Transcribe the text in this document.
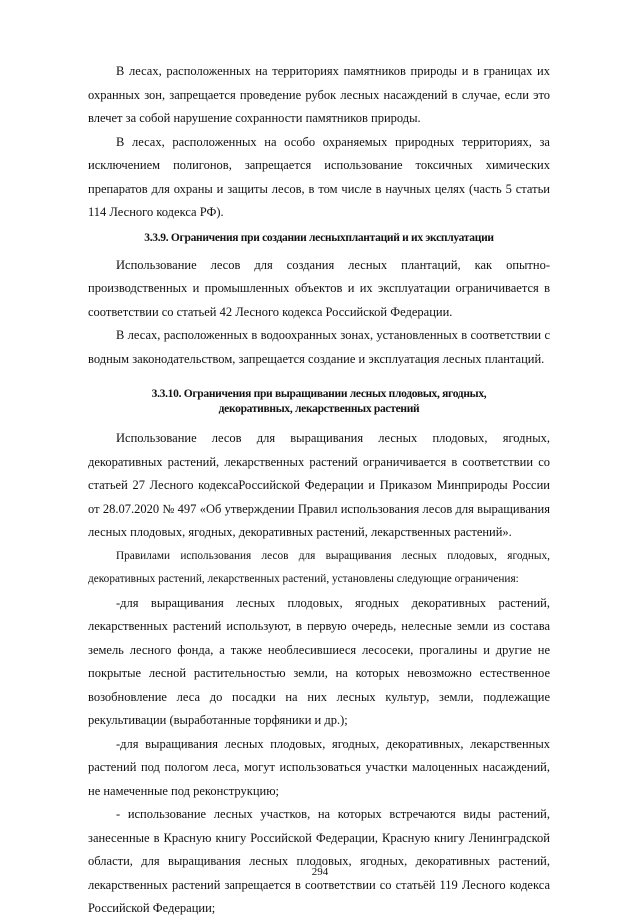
В лесах, расположенных на территориях памятников природы и в границах их охранных зон, запрещается проведение рубок лесных насаждений в случае, если это влечет за собой нарушение сохранности памятников природы.

В лесах, расположенных на особо охраняемых природных территориях, за исключением полигонов, запрещается использование токсичных химических препаратов для охраны и защиты лесов, в том числе в научных целях (часть 5 статьи 114 Лесного кодекса РФ).

3.3.9. Ограничения при создании лесныхплантаций и их эксплуатации

Использование лесов для создания лесных плантаций, как опытно-производственных и промышленных объектов и их эксплуатации ограничивается в соответствии со статьей 42 Лесного кодекса Российской Федерации.

В лесах, расположенных в водоохранных зонах, установленных в соответствии с водным законодательством, запрещается создание и эксплуатация лесных плантаций.

3.3.10. Ограничения при выращивании лесных плодовых, ягодных,
декоративных, лекарственных растений

Использование лесов для выращивания лесных плодовых, ягодных, декоративных растений, лекарственных растений ограничивается в соответствии со статьей 27 Лесного кодексаРоссийской Федерации и Приказом Минприроды России от 28.07.2020 № 497 «Об утверждении Правил использования лесов для выращивания лесных плодовых, ягодных, декоративных растений, лекарственных растений».

Правилами использования лесов для выращивания лесных плодовых, ягодных, декоративных растений, лекарственных растений, установлены следующие ограничения:

-для выращивания лесных плодовых, ягодных декоративных растений, лекарственных растений используют, в первую очередь, нелесные земли из состава земель лесного фонда, а также необлесившиеся лесосеки, прогалины и другие не покрытые лесной растительностью земли, на которых невозможно естественное возобновление леса до посадки на них лесных культур, земли, подлежащие рекультивации (выработанные торфяники и др.);

-для выращивания лесных плодовых, ягодных, декоративных, лекарственных растений под пологом леса, могут использоваться участки малоценных насаждений, не намеченные под реконструкцию;

- использование лесных участков, на которых встречаются виды растений, занесенные в Красную книгу Российской Федерации, Красную книгу Ленинградской области, для выращивания лесных плодовых, ягодных, декоративных растений, лекарственных растений запрещается в соответствии со статьёй 119 Лесного кодекса Российской Федерации;

294
